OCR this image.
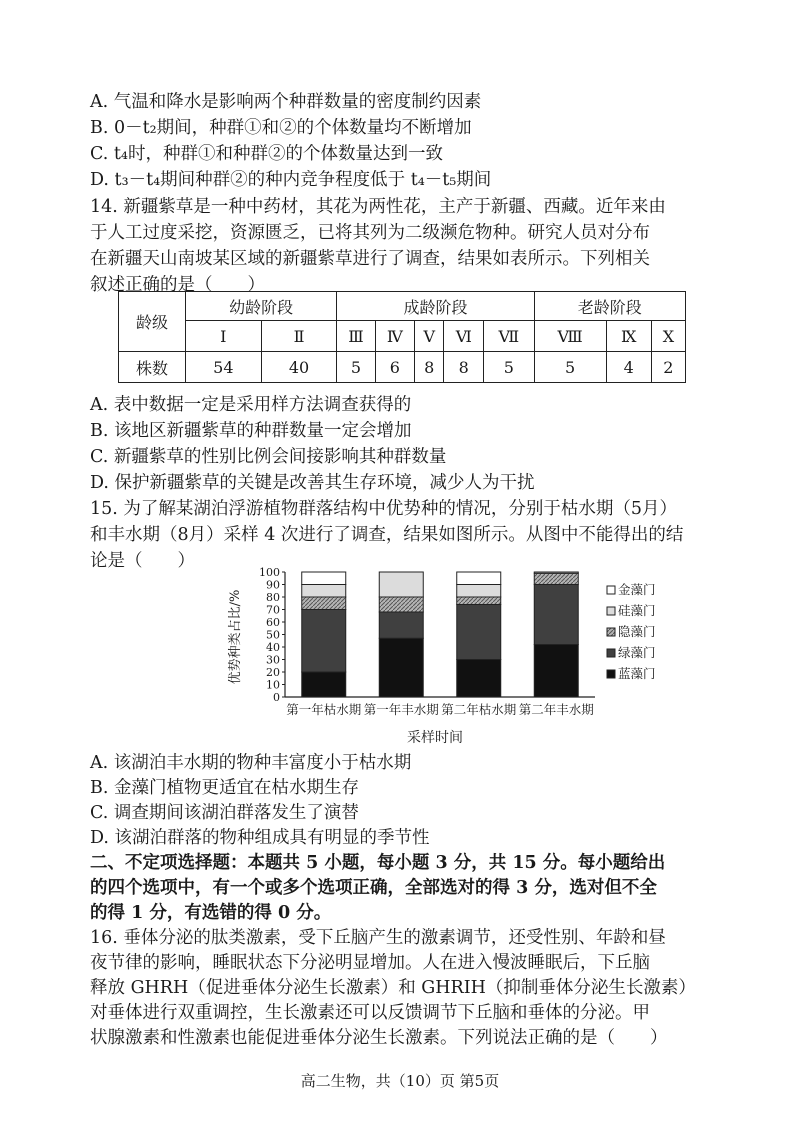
A. 气温和降水是影响两个种群数量的密度制约因素
B. 0－t₂期间，种群①和②的个体数量均不断增加
C. t₄时，种群①和种群②的个体数量达到一致
D. t₃－t₄期间种群②的种内竞争程度低于 t₄－t₅期间
14. 新疆紫草是一种中药材，其花为两性花，主产于新疆、西藏。近年来由
于人工过度采挖，资源匮乏，已将其列为二级濒危物种。研究人员对分布
在新疆天山南坡某区域的新疆紫草进行了调查，结果如表所示。下列相关
叙述正确的是（　　）
龄级	幼龄阶段		成龄阶段					老龄阶段		
	Ⅰ	Ⅱ	Ⅲ	Ⅳ	Ⅴ	Ⅵ	Ⅶ	Ⅷ	Ⅸ	Ⅹ
株数	54	40	5	6	8	8	5	5	4	2
A. 表中数据一定是采用样方法调查获得的
B. 该地区新疆紫草的种群数量一定会增加
C. 新疆紫草的性别比例会间接影响其种群数量
D. 保护新疆紫草的关键是改善其生存环境，减少人为干扰
15. 为了解某湖泊浮游植物群落结构中优势种的情况，分别于枯水期（5月）
和丰水期（8月）采样 4 次进行了调查，结果如图所示。从图中不能得出的结
论是（　　）
0
10
20
30
40
50
60
70
80
90
100
第一年枯水期 第一年丰水期 第二年枯水期 第二年丰水期
金藻门
硅藻门
隐藻门
绿藻门
蓝藻门
优势种类占比/%
采样时间
A. 该湖泊丰水期的物种丰富度小于枯水期
B. 金藻门植物更适宜在枯水期生存
C. 调查期间该湖泊群落发生了演替
D. 该湖泊群落的物种组成具有明显的季节性
二、不定项选择题：本题共 5 小题，每小题 3 分，共 15 分。每小题给出
的四个选项中，有一个或多个选项正确，全部选对的得 3 分，选对但不全
的得 1 分，有选错的得 0 分。
16. 垂体分泌的肽类激素，受下丘脑产生的激素调节，还受性别、年龄和昼
夜节律的影响，睡眠状态下分泌明显增加。人在进入慢波睡眠后，下丘脑
释放 GHRH（促进垂体分泌生长激素）和 GHRIH（抑制垂体分泌生长激素）
对垂体进行双重调控，生长激素还可以反馈调节下丘脑和垂体的分泌。甲
状腺激素和性激素也能促进垂体分泌生长激素。下列说法正确的是（　　）
高二生物，共（10）页 第5页
